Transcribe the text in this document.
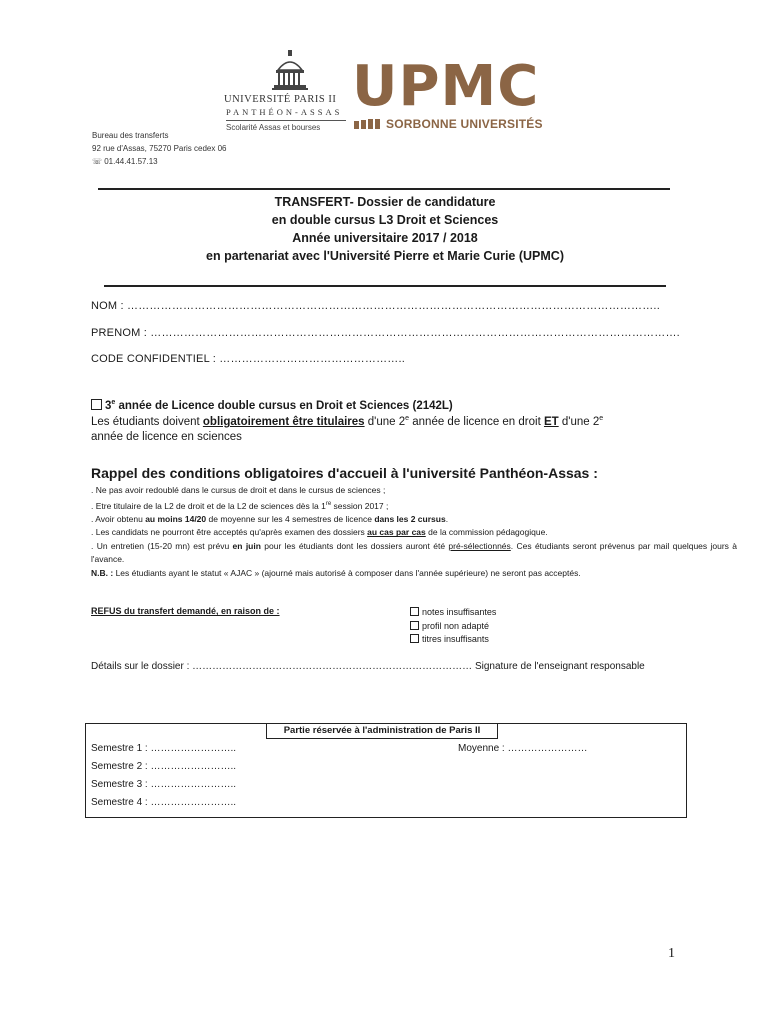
UNIVERSITÉ PARIS II
PANTHÉON-ASSAS
Scolarité Assas et bourses
UPMC
SORBONNE UNIVERSITÉS
Bureau des transferts
92 rue d'Assas, 75270 Paris cedex 06
☏ 01.44.41.57.13
TRANSFERT- Dossier de candidature
en double cursus L3 Droit et Sciences
Année universitaire 2017 / 2018
en partenariat avec l'Université Pierre et Marie Curie (UPMC)
NOM : ……………………………………………………………………………………………………………………………..
PRENOM : …………………………………………………………………………………………………………………………….
CODE CONFIDENTIEL : …………………………………………..
3e année de Licence double cursus en Droit et Sciences (2142L)
Les étudiants doivent obligatoirement être titulaires d'une 2e année de licence en droit ET d'une 2e
année de licence en sciences
Rappel des conditions obligatoires d'accueil à l'université Panthéon-Assas :

. Ne pas avoir redoublé dans le cursus de droit et dans le cursus de sciences ;

. Etre titulaire de la L2 de droit et de la L2 de sciences dès la 1re session 2017 ;

. Avoir obtenu au moins 14/20 de moyenne sur les 4 semestres de licence dans les 2 cursus.

. Les candidats ne pourront être acceptés qu'après examen des dossiers au cas par cas de la commission pédagogique.

. Un entretien (15-20 mn) est prévu en juin pour les étudiants dont les dossiers auront été pré-sélectionnés. Ces étudiants seront prévenus par mail quelques jours à l'avance.

N.B. : Les étudiants ayant le statut « AJAC » (ajourné mais autorisé à composer dans l'année supérieure) ne seront pas acceptés.

REFUS du transfert demandé, en raison de :	notes insuffisantes
profil non adapté
titres insuffisants
Détails sur le dossier : ………………………………………………………………………… Signature de l'enseignant responsable
Partie réservée à l'administration de Paris II
Semestre 1 : ……………………..	Moyenne : ……………………
Semestre 2 : ……………………..
Semestre 3 : ……………………..
Semestre 4 : ……………………..
1
